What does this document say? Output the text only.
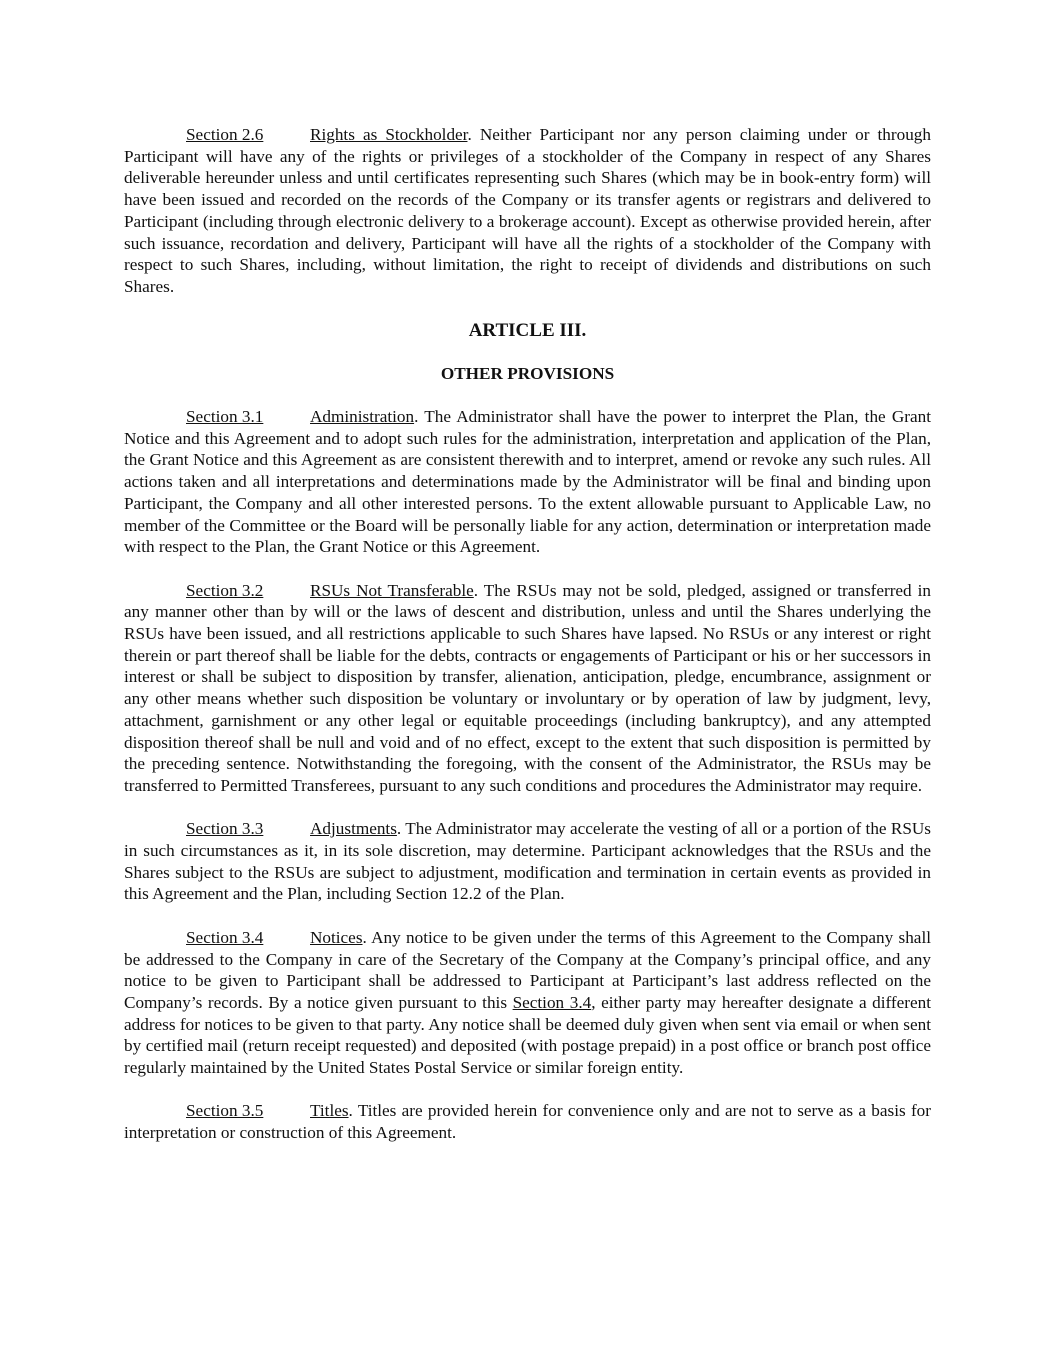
Section 2.6	Rights as Stockholder. Neither Participant nor any person claiming under or through Participant will have any of the rights or privileges of a stockholder of the Company in respect of any Shares deliverable hereunder unless and until certificates representing such Shares (which may be in book-entry form) will have been issued and recorded on the records of the Company or its transfer agents or registrars and delivered to Participant (including through electronic delivery to a brokerage account). Except as otherwise provided herein, after such issuance, recordation and delivery, Participant will have all the rights of a stockholder of the Company with respect to such Shares, including, without limitation, the right to receipt of dividends and distributions on such Shares.

ARTICLE III.

OTHER PROVISIONS

Section 3.1	Administration. The Administrator shall have the power to interpret the Plan, the Grant Notice and this Agreement and to adopt such rules for the administration, interpretation and application of the Plan, the Grant Notice and this Agreement as are consistent therewith and to interpret, amend or revoke any such rules. All actions taken and all interpretations and determinations made by the Administrator will be final and binding upon Participant, the Company and all other interested persons. To the extent allowable pursuant to Applicable Law, no member of the Committee or the Board will be personally liable for any action, determination or interpretation made with respect to the Plan, the Grant Notice or this Agreement.

Section 3.2	RSUs Not Transferable. The RSUs may not be sold, pledged, assigned or transferred in any manner other than by will or the laws of descent and distribution, unless and until the Shares underlying the RSUs have been issued, and all restrictions applicable to such Shares have lapsed. No RSUs or any interest or right therein or part thereof shall be liable for the debts, contracts or engagements of Participant or his or her successors in interest or shall be subject to disposition by transfer, alienation, anticipation, pledge, encumbrance, assignment or any other means whether such disposition be voluntary or involuntary or by operation of law by judgment, levy, attachment, garnishment or any other legal or equitable proceedings (including bankruptcy), and any attempted disposition thereof shall be null and void and of no effect, except to the extent that such disposition is permitted by the preceding sentence. Notwithstanding the foregoing, with the consent of the Administrator, the RSUs may be transferred to Permitted Transferees, pursuant to any such conditions and procedures the Administrator may require.

Section 3.3	Adjustments. The Administrator may accelerate the vesting of all or a portion of the RSUs in such circumstances as it, in its sole discretion, may determine. Participant acknowledges that the RSUs and the Shares subject to the RSUs are subject to adjustment, modification and termination in certain events as provided in this Agreement and the Plan, including Section 12.2 of the Plan.

Section 3.4	Notices. Any notice to be given under the terms of this Agreement to the Company shall be addressed to the Company in care of the Secretary of the Company at the Company’s principal office, and any notice to be given to Participant shall be addressed to Participant at Participant’s last address reflected on the Company’s records. By a notice given pursuant to this Section 3.4, either party may hereafter designate a different address for notices to be given to that party. Any notice shall be deemed duly given when sent via email or when sent by certified mail (return receipt requested) and deposited (with postage prepaid) in a post office or branch post office regularly maintained by the United States Postal Service or similar foreign entity.

Section 3.5	Titles. Titles are provided herein for convenience only and are not to serve as a basis for interpretation or construction of this Agreement.
